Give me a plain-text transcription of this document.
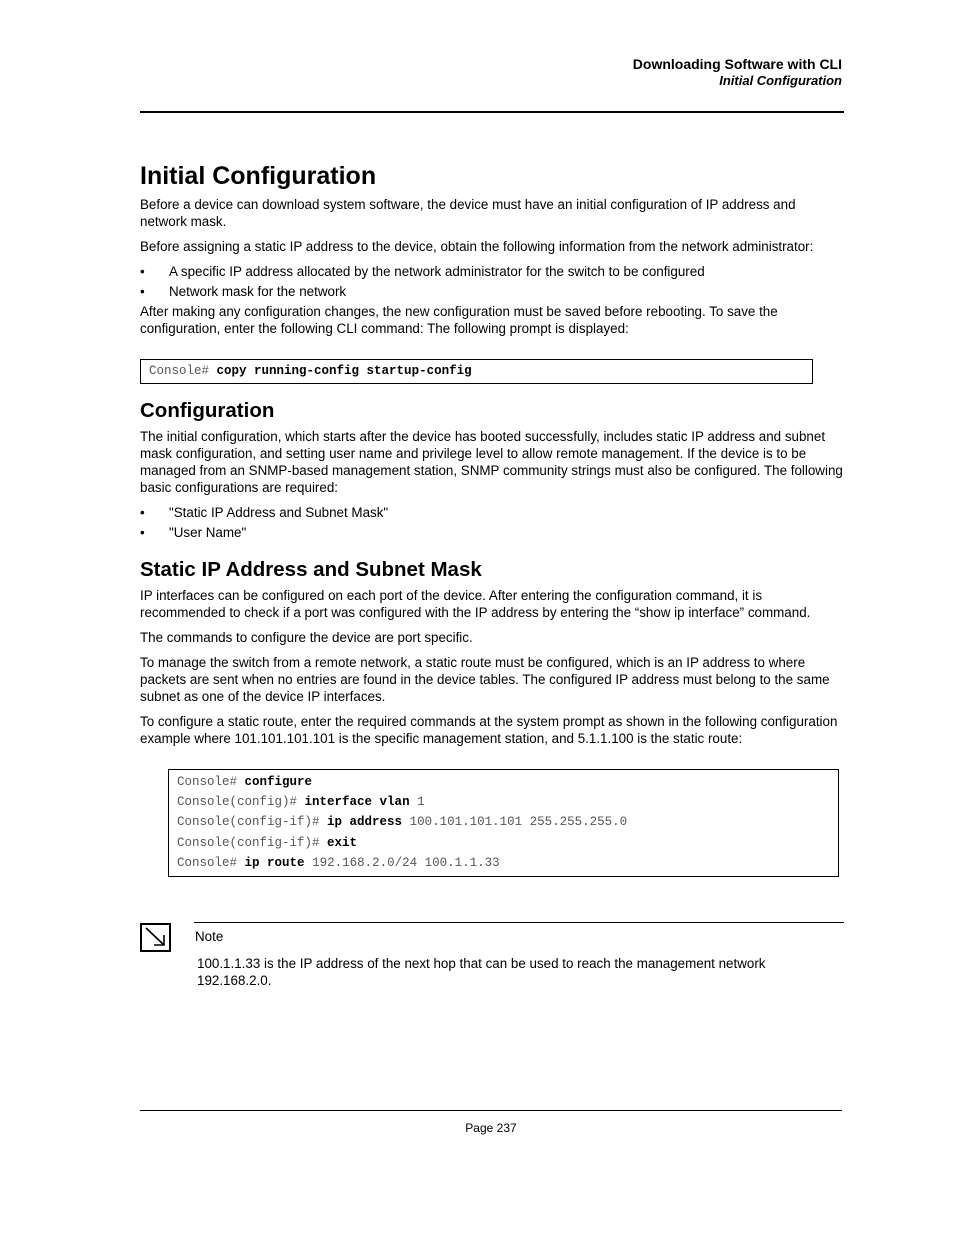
Downloading Software with CLI
Initial Configuration
Initial Configuration

Before a device can download system software, the device must have an initial configuration of IP address and network mask.

Before assigning a static IP address to the device, obtain the following information from the network administrator:

• A specific IP address allocated by the network administrator for the switch to be configured
• Network mask for the network

After making any configuration changes, the new configuration must be saved before rebooting. To save the configuration, enter the following CLI command: The following prompt is displayed:

Console# copy running-config startup-config
Configuration

The initial configuration, which starts after the device has booted successfully, includes static IP address and subnet mask configuration, and setting user name and privilege level to allow remote management. If the device is to be managed from an SNMP-based management station, SNMP community strings must also be configured. The following basic configurations are required:

• "Static IP Address and Subnet Mask"
• "User Name"
Static IP Address and Subnet Mask

IP interfaces can be configured on each port of the device. After entering the configuration command, it is recommended to check if a port was configured with the IP address by entering the “show ip interface” command.

The commands to configure the device are port specific.

To manage the switch from a remote network, a static route must be configured, which is an IP address to where packets are sent when no entries are found in the device tables. The configured IP address must belong to the same subnet as one of the device IP interfaces.

To configure a static route, enter the required commands at the system prompt as shown in the following configuration example where 101.101.101.101 is the specific management station, and 5.1.1.100 is the static route:

Console# configure
Console(config)# interface vlan 1
Console(config-if)# ip address 100.101.101.101 255.255.255.0
Console(config-if)# exit
Console# ip route 192.168.2.0/24 100.1.1.33
Note
100.1.1.33 is the IP address of the next hop that can be used to reach the management network 192.168.2.0.
Page 237
